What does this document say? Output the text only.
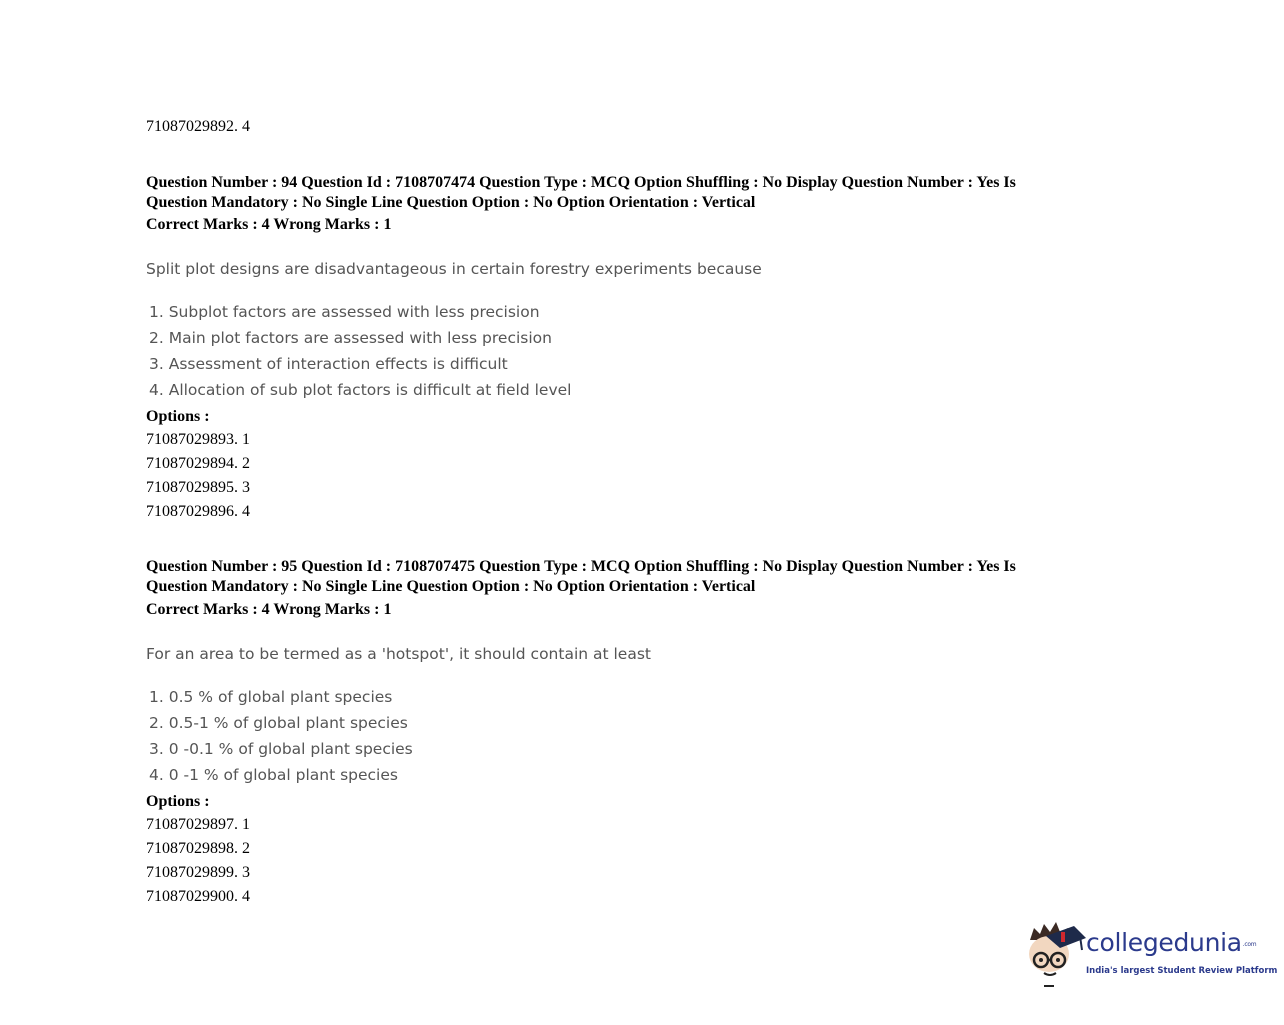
71087029892. 4
Question Number : 94 Question Id : 7108707474 Question Type : MCQ Option Shuffling : No Display Question Number : Yes Is
Question Mandatory : No Single Line Question Option : No Option Orientation : Vertical
Correct Marks : 4 Wrong Marks : 1
Split plot designs are disadvantageous in certain forestry experiments because
1. Subplot factors are assessed with less precision
2. Main plot factors are assessed with less precision
3. Assessment of interaction effects is difficult
4. Allocation of sub plot factors is difficult at field level
Options :
71087029893. 1
71087029894. 2
71087029895. 3
71087029896. 4
Question Number : 95 Question Id : 7108707475 Question Type : MCQ Option Shuffling : No Display Question Number : Yes Is
Question Mandatory : No Single Line Question Option : No Option Orientation : Vertical
Correct Marks : 4 Wrong Marks : 1
For an area to be termed as a 'hotspot', it should contain at least
1. 0.5 % of global plant species
2. 0.5-1 % of global plant species
3. 0 -0.1 % of global plant species
4. 0 -1 % of global plant species
Options :
71087029897. 1
71087029898. 2
71087029899. 3
71087029900. 4
collegedunia.com
India's largest Student Review Platform
